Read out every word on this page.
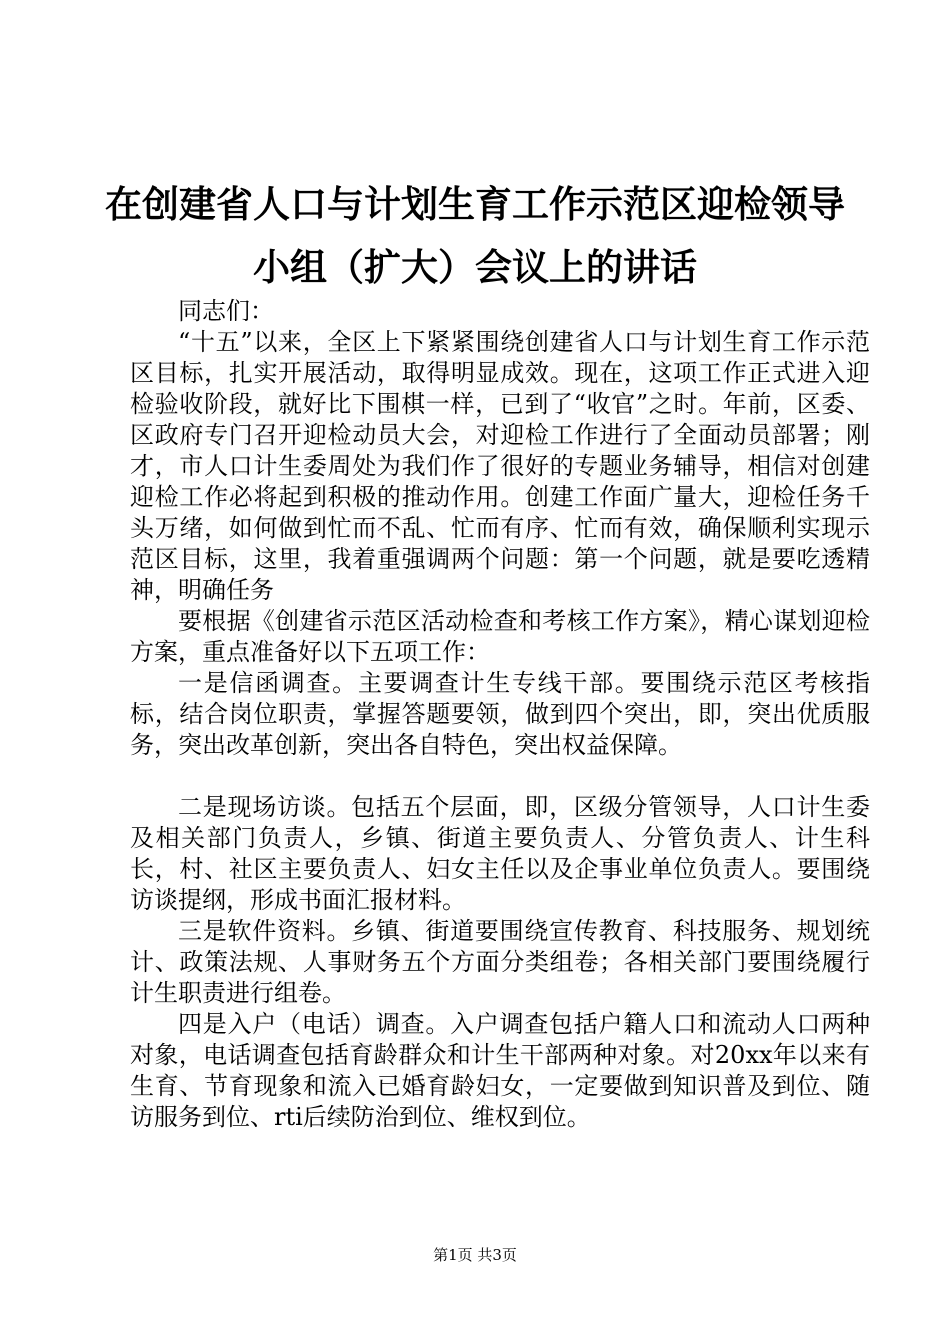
在创建省人口与计划生育工作示范区迎检领导
小组（扩大）会议上的讲话

同志们：

“十五”以来，全区上下紧紧围绕创建省人口与计划生育工作示范区目标，扎实开展活动，取得明显成效。现在，这项工作正式进入迎检验收阶段，就好比下围棋一样，已到了“收官”之时。年前，区委、区政府专门召开迎检动员大会，对迎检工作进行了全面动员部署；刚才，市人口计生委周处为我们作了很好的专题业务辅导，相信对创建迎检工作必将起到积极的推动作用。创建工作面广量大，迎检任务千头万绪，如何做到忙而不乱、忙而有序、忙而有效，确保顺利实现示范区目标，这里，我着重强调两个问题：第一个问题，就是要吃透精神，明确任务

要根据《创建省示范区活动检查和考核工作方案》，精心谋划迎检方案，重点准备好以下五项工作：

一是信函调查。主要调查计生专线干部。要围绕示范区考核指标，结合岗位职责，掌握答题要领，做到四个突出，即，突出优质服务，突出改革创新，突出各自特色，突出权益保障。

二是现场访谈。包括五个层面，即，区级分管领导，人口计生委及相关部门负责人，乡镇、街道主要负责人、分管负责人、计生科长，村、社区主要负责人、妇女主任以及企事业单位负责人。要围绕访谈提纲，形成书面汇报材料。

三是软件资料。乡镇、街道要围绕宣传教育、科技服务、规划统计、政策法规、人事财务五个方面分类组卷；各相关部门要围绕履行计生职责进行组卷。

四是入户（电话）调查。入户调查包括户籍人口和流动人口两种对象，电话调查包括育龄群众和计生干部两种对象。对20xx年以来有生育、节育现象和流入已婚育龄妇女，一定要做到知识普及到位、随访服务到位、rti后续防治到位、维权到位。

第1页 共3页
